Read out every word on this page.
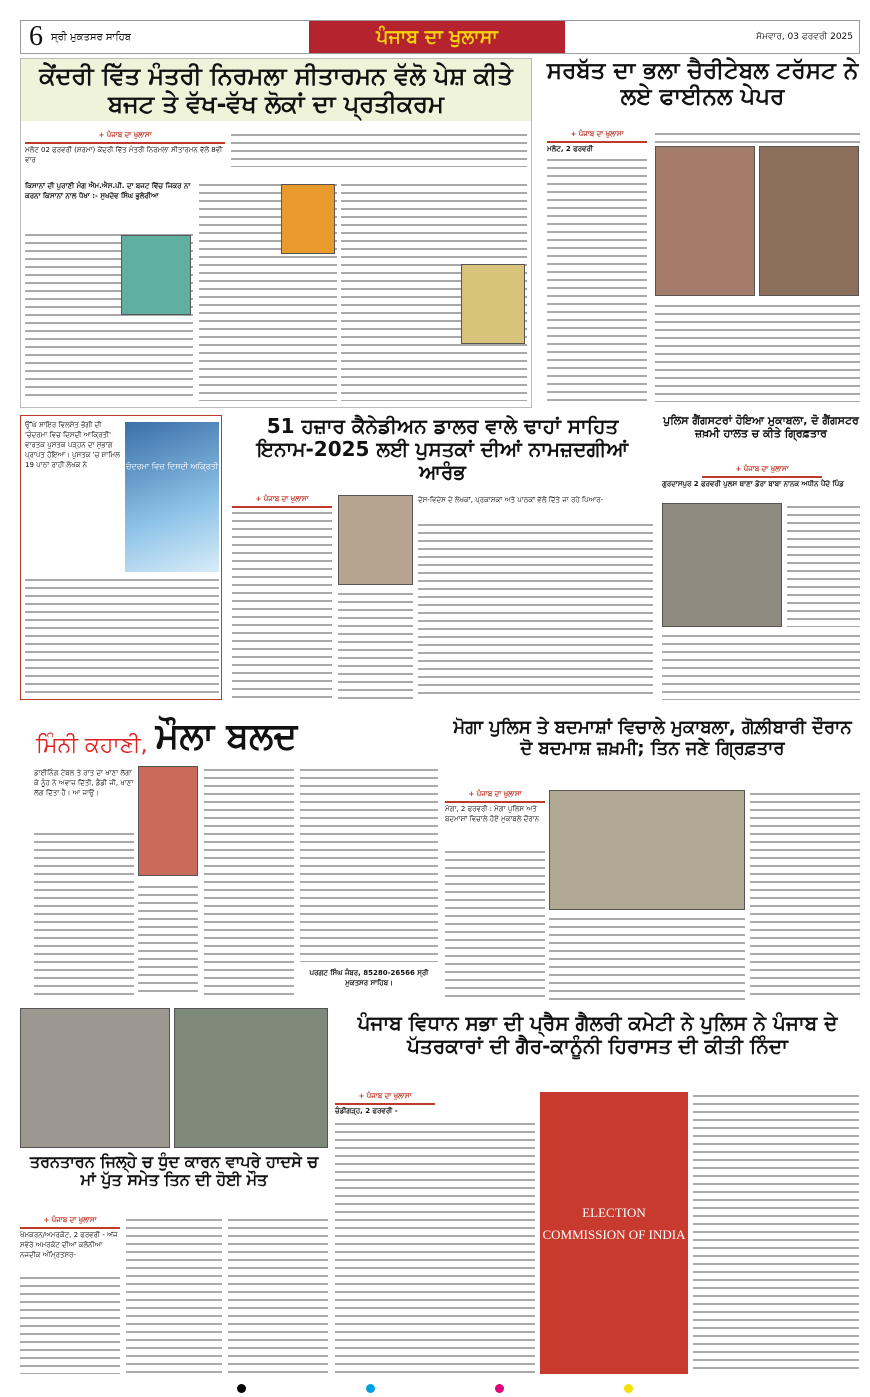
6 ਸ੍ਰੀ ਮੁਕਤਸਰ ਸਾਹਿਬ	ਪੰਜਾਬ ਦਾ ਖੁਲਾਸਾ	ਸੋਮਵਾਰ, 03 ਫਰਵਰੀ 2025
ਕੇਂਦਰੀ ਵਿੱਤ ਮੰਤਰੀ ਨਿਰਮਲਾ ਸੀਤਾਰਮਨ ਵੱਲੋ ਪੇਸ਼ ਕੀਤੇ ਬਜਟ ਤੇ ਵੱਖ-ਵੱਖ ਲੋਕਾਂ ਦਾ ਪ੍ਰਤੀਕਰਮ
+ ਪੰਜਾਬ ਦਾ ਖੁਲਾਸਾ
ਮਲੋਟ 02 ਫਰਵਰੀ (ਸ਼ਰਮਾ) ਕੇਂਦਰੀ ਵਿੱਤ ਮੰਤਰੀ ਨਿਰਮਲਾ ਸੀਤਾਰਮਨ ਵੱਲੋਂ 8ਵੀਂ ਵਾਰ
ਕਿਸਾਨਾਂ ਦੀ ਪੁਰਾਣੀ ਮੰਗ ਐਮ.ਐਸ.ਪੀ. ਦਾ ਬਜਟ ਵਿੱਚ ਜਿਕਰ ਨਾ ਕਰਨਾ ਕਿਸਾਨਾਂ ਨਾਲ ਧੋਖਾ :- ਸੁਖਦੇਵ ਸਿੰਘ ਭੁਲੇਰੀਆ
ਸਰਬੱਤ ਦਾ ਭਲਾ ਚੈਰੀਟੇਬਲ ਟਰੱਸਟ ਨੇ ਲਏ ਫਾਈਨਲ ਪੇਪਰ
+ ਪੰਜਾਬ ਦਾ ਖੁਲਾਸਾ
ਮਲੋਟ, 2 ਫਰਵਰੀ
ਉੱਘੇ ਸ਼ਾਇਰ ਵਿਲਸੇਤ ਭੋਗੀ ਦੀ 'ਚੰਦਰਮਾ ਵਿਚ ਦਿਸਦੀ ਆਕ੍ਰਿਤੀ' ਵਾਰਤਕ ਪੁਸਤਕ ਪੜ੍ਹਨ ਦਾ ਸੁਭਾਗ ਪ੍ਰਾਪਤ ਹੋਇਆ। ਪੁਸਤਕ 'ਚ ਸ਼ਾਮਿਲ 19 ਪਾਠਾਂ ਰਾਹੀਂ ਲੇਖਕ ਨੇ	ਚੰਦਰਮਾ ਵਿਚ ਦਿਸਦੀ ਅਕ੍ਰਿਤੀ
51 ਹਜ਼ਾਰ ਕੈਨੇਡੀਅਨ ਡਾਲਰ ਵਾਲੇ ਢਾਹਾਂ ਸਾਹਿਤ ਇਨਾਮ-2025 ਲਈ ਪੁਸਤਕਾਂ ਦੀਆਂ ਨਾਮਜ਼ਦਗੀਆਂ ਆਰੰਭ
+ ਪੰਜਾਬ ਦਾ ਖੁਲਾਸਾ	ਦੇਸ-ਵਿਦੇਸ ਦੇ ਲੇਖਕਾਂ, ਪ੍ਰਕਾਸ਼ਕਾਂ ਅਤੇ ਪਾਠਕਾਂ ਵੱਲੋਂ ਦਿੱਤੇ ਜਾ ਰਹੇ ਪਿਆਰ-
ਪੁਲਿਸ ਗੈਂਗਸਟਰਾਂ ਹੋਇਆ ਮੁਕਾਬਲਾ, ਦੋ ਗੈਂਗਸਟਰ ਜ਼ਖ਼ਮੀ ਹਾਲਤ ਚ ਕੀਤੇ ਗ੍ਰਿਫ਼ਤਾਰ
+ ਪੰਜਾਬ ਦਾ ਖੁਲਾਸਾ
ਗੁਰਦਾਸਪੁਰ 2 ਫਰਵਰੀ ਪੁਲਸ ਥਾਣਾ ਡੇਰਾ ਬਾਬਾ ਨਾਨਕ ਅਧੀਨ ਪੈਂਦੇ ਪਿੰਡ
ਮਿੰਨੀ ਕਹਾਣੀ, ਮੌਲਾ ਬਲਦ
ਡਾਈਨਿੰਗ ਟੇਬਲ ਤੇ ਰਾਤ ਦਾ ਖਾਣਾ ਲੱਗਾ ਕੇ ਨੂੰਹ ਨੇ ਅਵਾਜ਼ ਦਿੱਤੀ, ਡੈਡੀ ਜੀ, ਖਾਣਾ ਲੱਗ ਦਿੱਤਾ ਹੈ। ਆ ਜਾਉ।
ਪਰਗਟ ਸਿੰਘ ਜੰਬਰ, 85280-26566 ਸ੍ਰੀ ਮੁਕਤਸਰ ਸਾਹਿਬ।
ਮੋਗਾ ਪੁਲਿਸ ਤੇ ਬਦਮਾਸ਼ਾਂ ਵਿਚਾਲੇ ਮੁਕਾਬਲਾ, ਗੋਲ਼ੀਬਾਰੀ ਦੌਰਾਨ ਦੋ ਬਦਮਾਸ਼ ਜ਼ਖ਼ਮੀ; ਤਿਨ ਜਣੇ ਗ੍ਰਿਫ਼ਤਾਰ
+ ਪੰਜਾਬ ਦਾ ਖੁਲਾਸਾ
ਮੋਗਾ, 2 ਫਰਵਰੀ : ਮੋਗਾ ਪੁਲਿਸ ਅਤੇ ਬਦਮਾਸ਼ਾਂ ਵਿਚਾਲੇ ਹੋਏ ਮੁਕਾਬਲੇ ਦੌਰਾਨ
ਤਰਨਤਾਰਨ ਜਿਲ੍ਹੇ ਚ ਧੁੰਦ ਕਾਰਨ ਵਾਪਰੇ ਹਾਦਸੇ ਚ ਮਾਂ ਪੁੱਤ ਸਮੇਤ ਤਿਨ ਦੀ ਹੋਈ ਮੌਤ
+ ਪੰਜਾਬ ਦਾ ਖੁਲਾਸਾ
ਖੇਮਕਰਨ/ਅਮਰਕੋਟ, 2 ਫਰਵਰੀ - ਅੱਜ ਸਵੇਰੇ ਅਮਰਕੋਟ ਦੀਆਂ ਕਲੋਨੀਆ ਨਜਦੀਕ ਅੰਮ੍ਰਿਤਸਰ-
ਪੰਜਾਬ ਵਿਧਾਨ ਸਭਾ ਦੀ ਪ੍ਰੈਸ ਗੈਲਰੀ ਕਮੇਟੀ ਨੇ ਪੁਲਿਸ ਨੇ ਪੰਜਾਬ ਦੇ ਪੱਤਰਕਾਰਾਂ ਦੀ ਗੈਰ-ਕਾਨੂੰਨੀ ਹਿਰਾਸਤ ਦੀ ਕੀਤੀ ਨਿੰਦਾ
+ ਪੰਜਾਬ ਦਾ ਖੁਲਾਸਾ
ਚੰਡੀਗੜ੍ਹ, 2 ਫਰਵਰੀ -
ELECTION COMMISSION OF INDIA
